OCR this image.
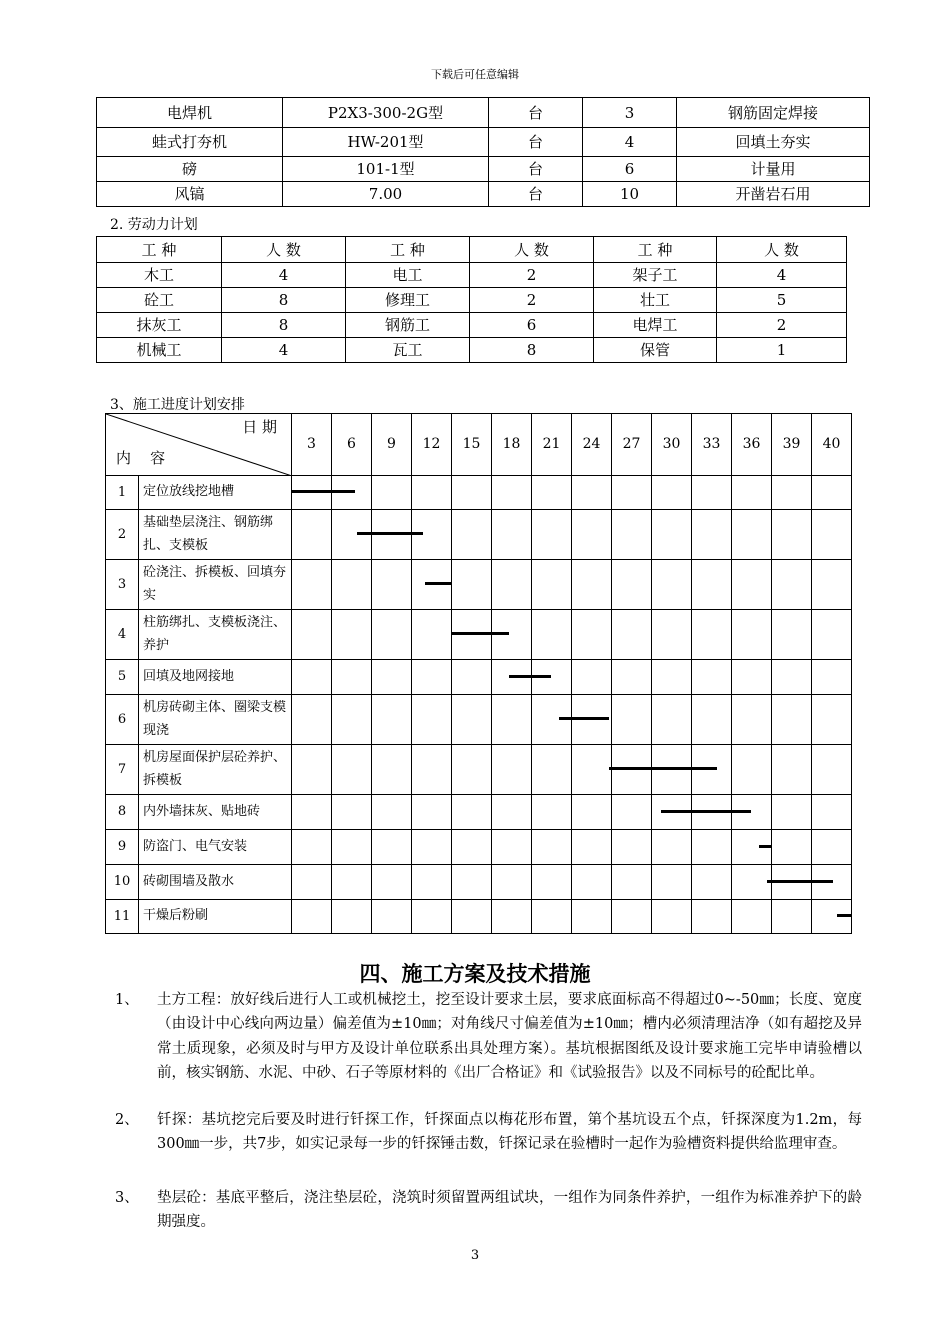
下载后可任意编辑
电焊机	P2X3-300-2G型	台	3	钢筋固定焊接
蛙式打夯机	HW-201型	台	4	回填土夯实
磅	101-1型	台	6	计量用
风镐	7.00	台	10	开凿岩石用
2. 劳动力计划
工 种	人 数	工 种	人 数	工 种	人 数
木工	4	电工	2	架子工	4
砼工	8	修理工	2	壮工	5
抹灰工	8	钢筋工	6	电焊工	2
机械工	4	瓦工	8	保管	1
3、施工进度计划安排
日 期
内    容		3	6	9	12	15	18	21	24	27	30	33	36	39	40
1	定位放线挖地槽														
2	基础垫层浇注、钢筋绑扎、支模板														
3	砼浇注、拆模板、回填夯实														
4	柱筋绑扎、支模板浇注、养护														
5	回填及地网接地														
6	机房砖砌主体、圈梁支模现浇														
7	机房屋面保护层砼养护、拆模板														
8	内外墙抹灰、贴地砖														
9	防盗门、电气安装														
10	砖砌围墙及散水														
11	干燥后粉刷														
四、施工方案及技术措施
1、 土方工程：放好线后进行人工或机械挖土，挖至设计要求土层，要求底面标高不得超过0~-50㎜；长度、宽度（由设计中心线向两边量）偏差值为±10㎜；对角线尺寸偏差值为±10㎜；槽内必须清理洁净（如有超挖及异常土质现象，必须及时与甲方及设计单位联系出具处理方案）。基坑根据图纸及设计要求施工完毕申请验槽以前，核实钢筋、水泥、中砂、石子等原材料的《出厂合格证》和《试验报告》以及不同标号的砼配比单。
2、 钎探：基坑挖完后要及时进行钎探工作，钎探面点以梅花形布置，第个基坑设五个点，钎探深度为1.2m，每300㎜一步，共7步，如实记录每一步的钎探锤击数，钎探记录在验槽时一起作为验槽资料提供给监理审查。
3、 垫层砼：基底平整后，浇注垫层砼，浇筑时须留置两组试块，一组作为同条件养护，一组作为标准养护下的龄期强度。
3
